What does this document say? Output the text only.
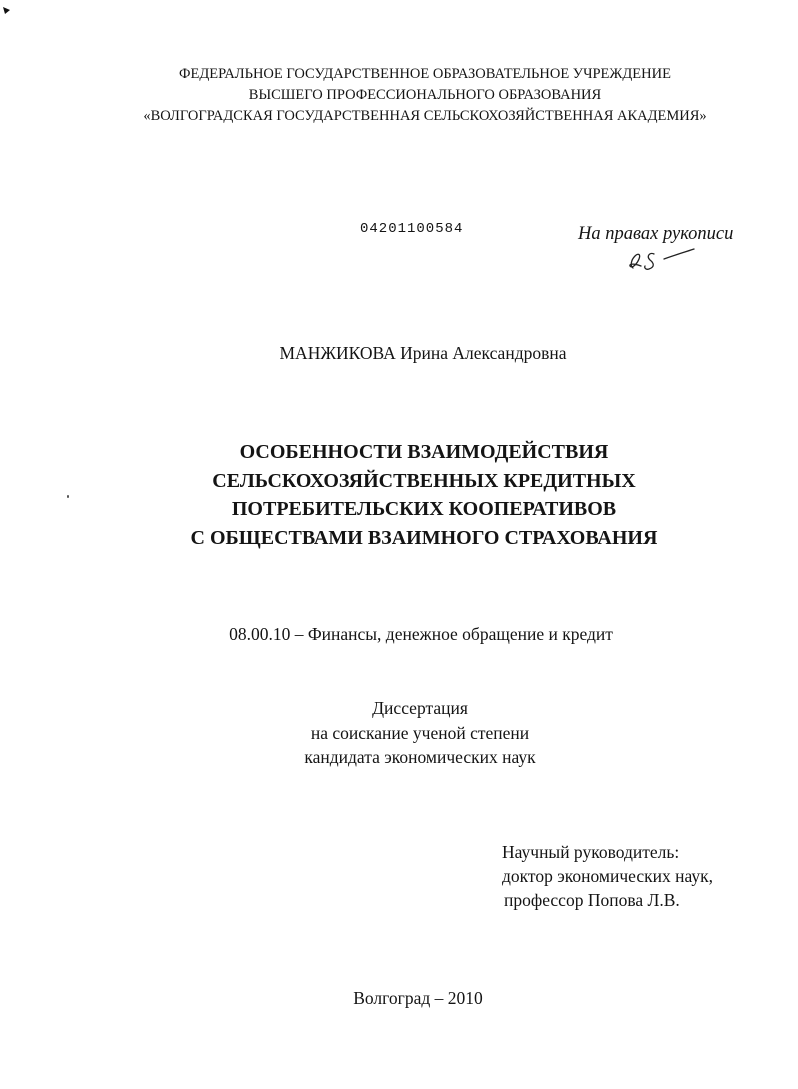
ФЕДЕРАЛЬНОЕ ГОСУДАРСТВЕННОЕ ОБРАЗОВАТЕЛЬНОЕ УЧРЕЖДЕНИЕ
ВЫСШЕГО ПРОФЕССИОНАЛЬНОГО ОБРАЗОВАНИЯ
«ВОЛГОГРАДСКАЯ ГОСУДАРСТВЕННАЯ СЕЛЬСКОХОЗЯЙСТВЕННАЯ АКАДЕМИЯ»
04201100584	На правах рукописи
МАНЖИКОВА Ирина Александровна
ОСОБЕННОСТИ ВЗАИМОДЕЙСТВИЯ
СЕЛЬСКОХОЗЯЙСТВЕННЫХ КРЕДИТНЫХ
ПОТРЕБИТЕЛЬСКИХ КООПЕРАТИВОВ
С ОБЩЕСТВАМИ ВЗАИМНОГО СТРАХОВАНИЯ
08.00.10 – Финансы, денежное обращение и кредит
Диссертация
на соискание ученой степени
кандидата экономических наук
Научный руководитель:
доктор экономических наук,
профессор Попова Л.В.
Волгоград – 2010
